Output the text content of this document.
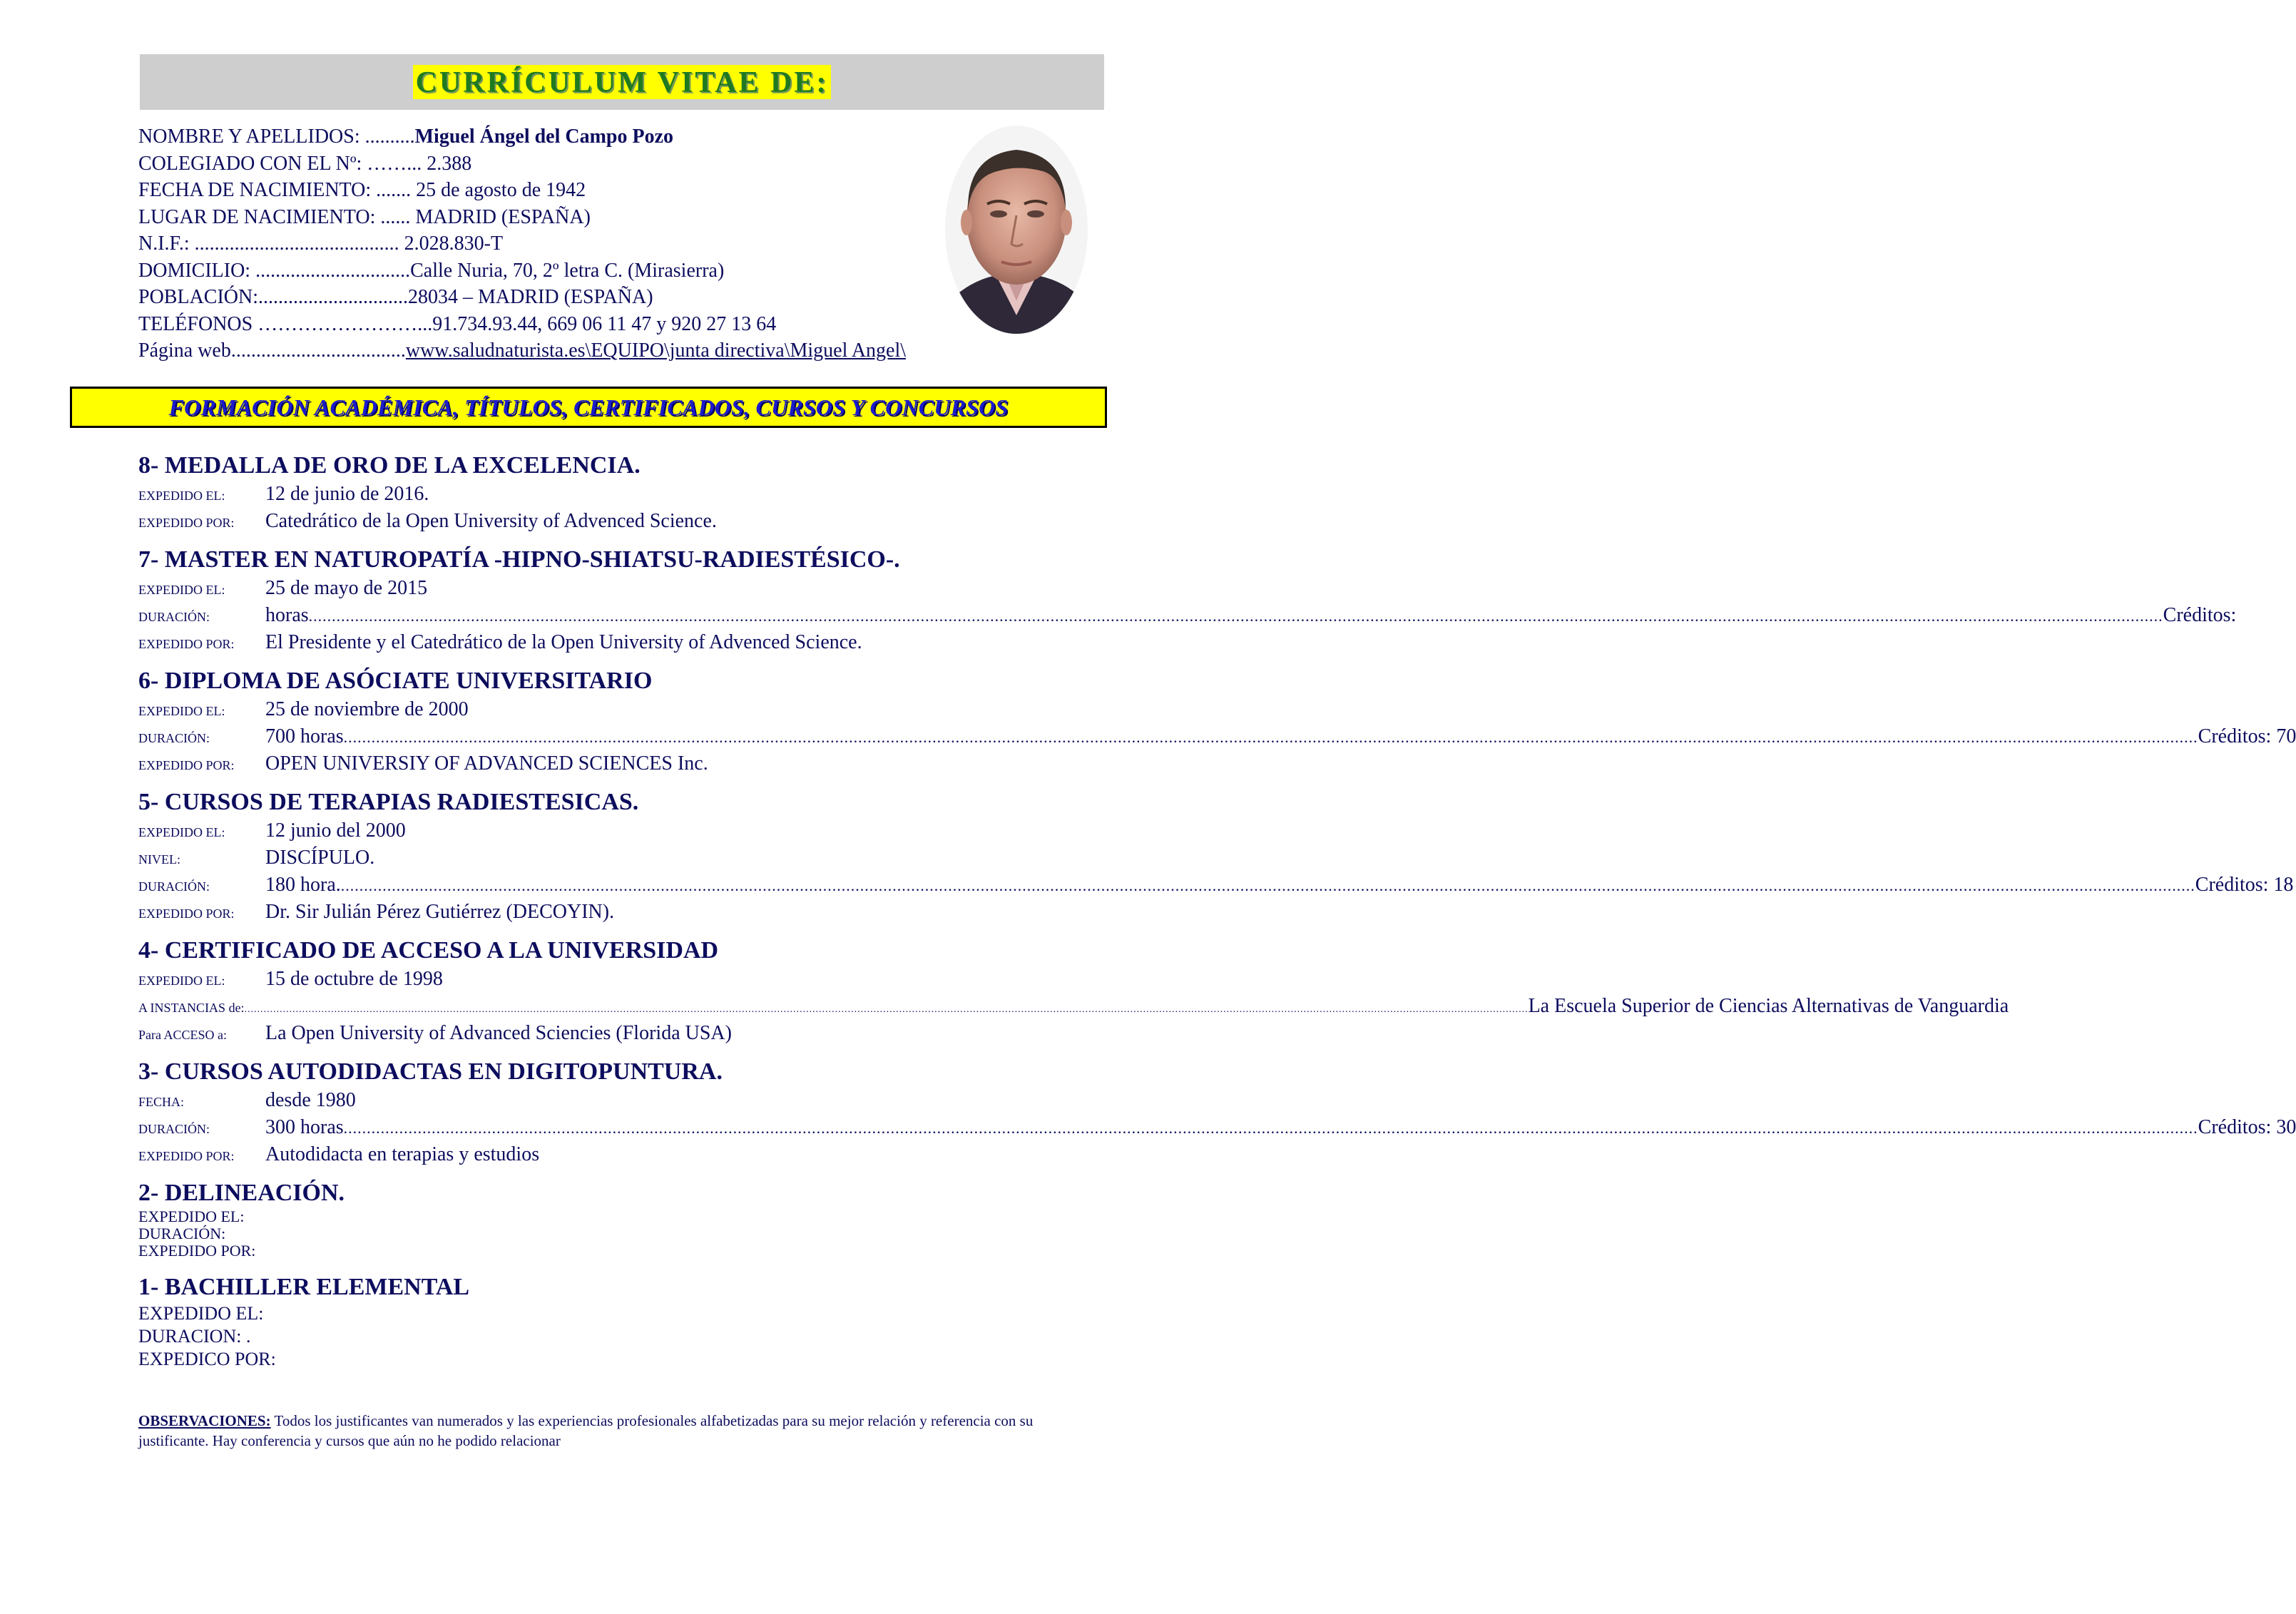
CURRÍCULUM VITAE DE:
NOMBRE Y APELLIDOS: ..........Miguel Ángel del Campo Pozo
COLEGIADO CON EL Nº: ……... 2.388
FECHA DE NACIMIENTO: ....... 25 de agosto de 1942
LUGAR DE NACIMIENTO: ...... MADRID (ESPAÑA)
N.I.F.: ......................................... 2.028.830-T
DOMICILIO: ...............................Calle Nuria, 70, 2º letra C. (Mirasierra)
POBLACIÓN:..............................28034 – MADRID (ESPAÑA)
TELÉFONOS ……………………...91.734.93.44, 669 06 11 47 y 920 27 13 64
Página web...................................www.saludnaturista.es\EQUIPO\junta directiva\Miguel Angel\
FORMACIÓN ACADÉMICA, TÍTULOS, CERTIFICADOS, CURSOS Y CONCURSOS
8- MEDALLA DE ORO DE LA EXCELENCIA.
EXPEDIDO EL:	12 de junio de 2016.
EXPEDIDO POR:	Catedrático de la Open University of Advenced Science.
7- MASTER EN NATUROPATÍA -HIPNO-SHIATSU-RADIESTÉSICO-.
EXPEDIDO EL:	25 de mayo de 2015
DURACIÓN:	horas ................................................................................................................................................................................................................................................................................................................................................................................................................ Créditos:
EXPEDIDO POR:	El Presidente y el Catedrático de la Open University of Advenced Science.
6- DIPLOMA DE ASÓCIATE UNIVERSITARIO
EXPEDIDO EL:	25 de noviembre de 2000
DURACIÓN:	700 horas ................................................................................................................................................................................................................................................................................................................................................................................................................ Créditos: 70
EXPEDIDO POR:	OPEN UNIVERSIY OF ADVANCED SCIENCES Inc.
5- CURSOS DE TERAPIAS RADIESTESICAS.
EXPEDIDO EL:	12 junio del 2000
NIVEL:	DISCÍPULO.
DURACIÓN:	180 hora. ................................................................................................................................................................................................................................................................................................................................................................................................................ Créditos: 18
EXPEDIDO POR:	Dr. Sir Julián Pérez Gutiérrez (DECOYIN).
4- CERTIFICADO DE ACCESO A LA UNIVERSIDAD
EXPEDIDO EL:	15 de octubre de 1998
A INSTANCIAS de: ................................................................................................................................................................................................................................................................................................................................................................................................................ La Escuela Superior de Ciencias Alternativas de Vanguardia
Para ACCESO a:	La Open University of Advanced Sciencies (Florida USA)
3- CURSOS AUTODIDACTAS EN DIGITOPUNTURA.
FECHA:	desde 1980
DURACIÓN:	300 horas ................................................................................................................................................................................................................................................................................................................................................................................................................ Créditos: 30
EXPEDIDO POR:	Autodidacta en terapias y estudios
2- DELINEACIÓN.
EXPEDIDO EL:
DURACIÓN:
EXPEDIDO POR:
1- BACHILLER ELEMENTAL
EXPEDIDO EL:
DURACION: .
EXPEDICO POR:
OBSERVACIONES: Todos los justificantes van numerados y las experiencias profesionales alfabetizadas para su mejor relación y referencia con su justificante. Hay conferencia y cursos que aún no he podido relacionar
